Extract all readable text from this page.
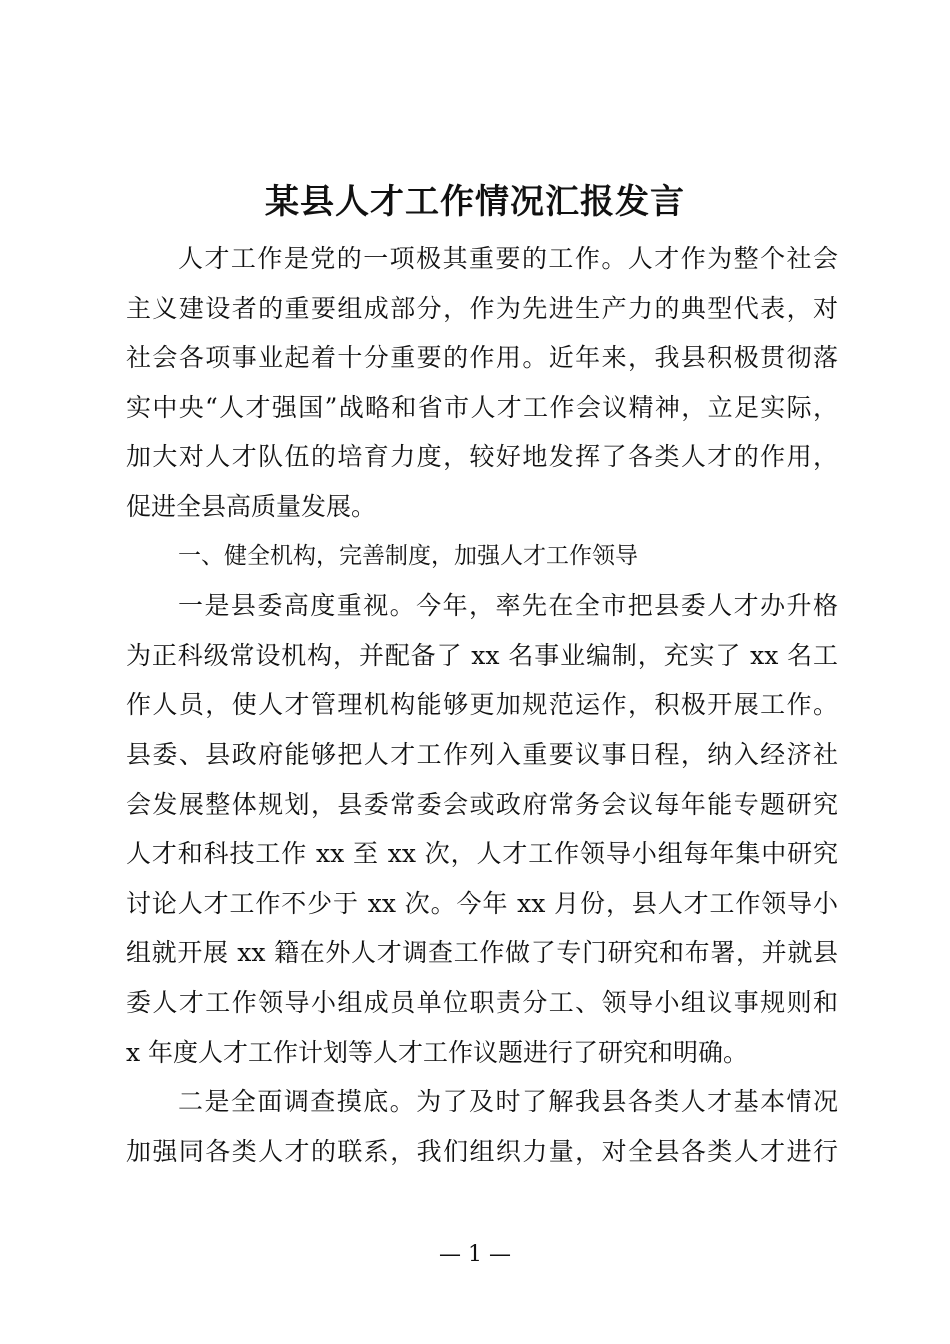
某县人才工作情况汇报发言
人才工作是党的一项极其重要的工作。人才作为整个社会
主义建设者的重要组成部分，作为先进生产力的典型代表，对
社会各项事业起着十分重要的作用。近年来，我县积极贯彻落
实中央“人才强国”战略和省市人才工作会议精神，立足实际，
加大对人才队伍的培育力度，较好地发挥了各类人才的作用，
促进全县高质量发展。
一、健全机构，完善制度，加强人才工作领导
一是县委高度重视。今年，率先在全市把县委人才办升格
为正科级常设机构，并配备了 xx 名事业编制，充实了 xx 名工
作人员，使人才管理机构能够更加规范运作，积极开展工作。
县委、县政府能够把人才工作列入重要议事日程，纳入经济社
会发展整体规划，县委常委会或政府常务会议每年能专题研究
人才和科技工作 xx 至 xx 次，人才工作领导小组每年集中研究
讨论人才工作不少于 xx 次。今年 xx 月份，县人才工作领导小
组就开展 xx 籍在外人才调查工作做了专门研究和布署，并就县
委人才工作领导小组成员单位职责分工、领导小组议事规则和
x 年度人才工作计划等人才工作议题进行了研究和明确。
二是全面调查摸底。为了及时了解我县各类人才基本情况
加强同各类人才的联系，我们组织力量，对全县各类人才进行
— 1 —
